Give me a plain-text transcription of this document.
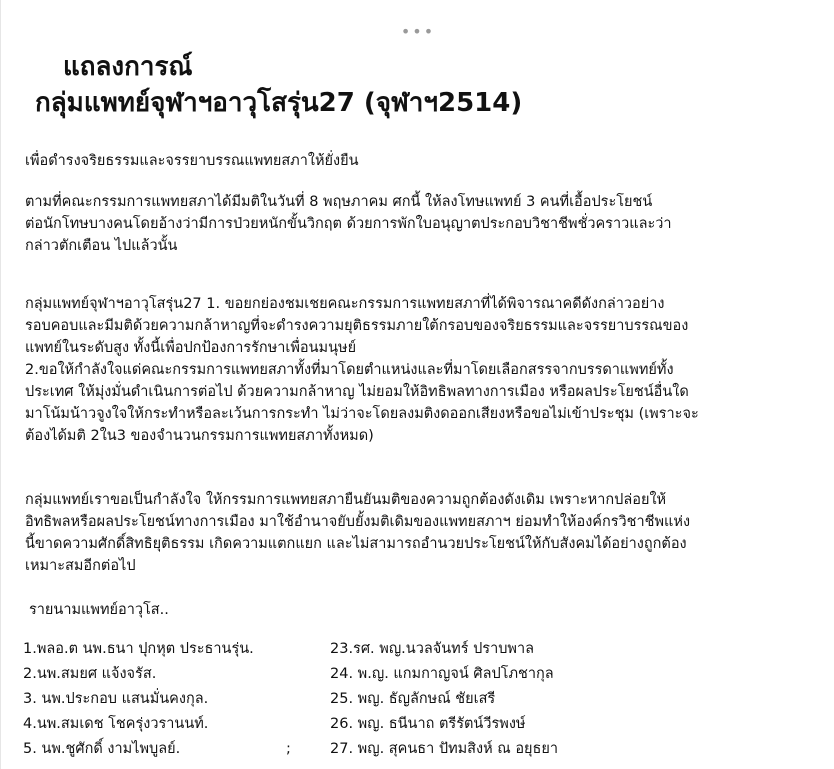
•••
แถลงการณ์
กลุ่มแพทย์จุฬาฯอาวุโสรุ่น27 (จุฬาฯ2514)
เพื่อดำรงจริยธรรมและจรรยาบรรณแพทยสภาให้ยั่งยืน
ตามที่คณะกรรมการแพทยสภาได้มีมติในวันที่ 8 พฤษภาคม ศกนี้ ให้ลงโทษแพทย์ 3 คนที่เอื้อประโยชน์
ต่อนักโทษบางคนโดยอ้างว่ามีการป่วยหนักขั้นวิกฤต ด้วยการพักใบอนุญาตประกอบวิชาชีพชั่วคราวและว่า
กล่าวตักเตือน ไปแล้วนั้น
กลุ่มแพทย์จุฬาฯอาวุโสรุ่น27 1. ขอยกย่องชมเชยคณะกรรมการแพทยสภาที่ได้พิจารณาคดีดังกล่าวอย่าง
รอบคอบและมีมติด้วยความกล้าหาญที่จะดำรงความยุติธรรมภายใต้กรอบของจริยธรรมและจรรยาบรรณของ
แพทย์ในระดับสูง ทั้งนี้เพื่อปกป้องการรักษาเพื่อนมนุษย์
2.ขอให้กำลังใจแด่คณะกรรมการแพทยสภาทั้งที่มาโดยตำแหน่งและที่มาโดยเลือกสรรจากบรรดาแพทย์ทั้ง
ประเทศ ให้มุ่งมั่นดำเนินการต่อไป ด้วยความกล้าหาญ ไม่ยอมให้อิทธิพลทางการเมือง หรือผลประโยชน์อื่นใด
มาโน้มน้าวจูงใจให้กระทำหรือละเว้นการกระทำ ไม่ว่าจะโดยลงมติงดออกเสียงหรือขอไม่เข้าประชุม (เพราะจะ
ต้องได้มติ 2ใน3 ของจำนวนกรรมการแพทยสภาทั้งหมด)
กลุ่มแพทย์เราขอเป็นกำลังใจ ให้กรรมการแพทยสภายืนยันมติของความถูกต้องดังเดิม เพราะหากปล่อยให้
อิทธิพลหรือผลประโยชน์ทางการเมือง มาใช้อำนาจยับยั้งมติเดิมของแพทยสภาฯ ย่อมทำให้องค์กรวิชาชีพแห่ง
นี้ขาดความศักดิ์สิทธิยุติธรรม เกิดความแตกแยก และไม่สามารถอำนวยประโยชน์ให้กับสังคมได้อย่างถูกต้อง
เหมาะสมอีกต่อไป
รายนามแพทย์อาวุโส..
1.พลอ.ต นพ.ธนา ปุกหุต ประธานรุ่น.	23.รศ. พญ.นวลจันทร์ ปราบพาล
2.นพ.สมยศ แจ้งจรัส.	24. พ.ญ. แกมกาญจน์ ศิลปโภชากุล
3. นพ.ประกอบ แสนมั่นคงกุล.	25. พญ. ธัญลักษณ์ ชัยเสรี
4.นพ.สมเดช โชครุ่งวรานนท์.	26. พญ. ธนีนาถ ตรีรัตน์วีรพงษ์
5. นพ.ชูศักดิ์ งามไพบูลย์.	;	27. พญ. สุคนธา ปัทมสิงห์ ณ อยุธยา
